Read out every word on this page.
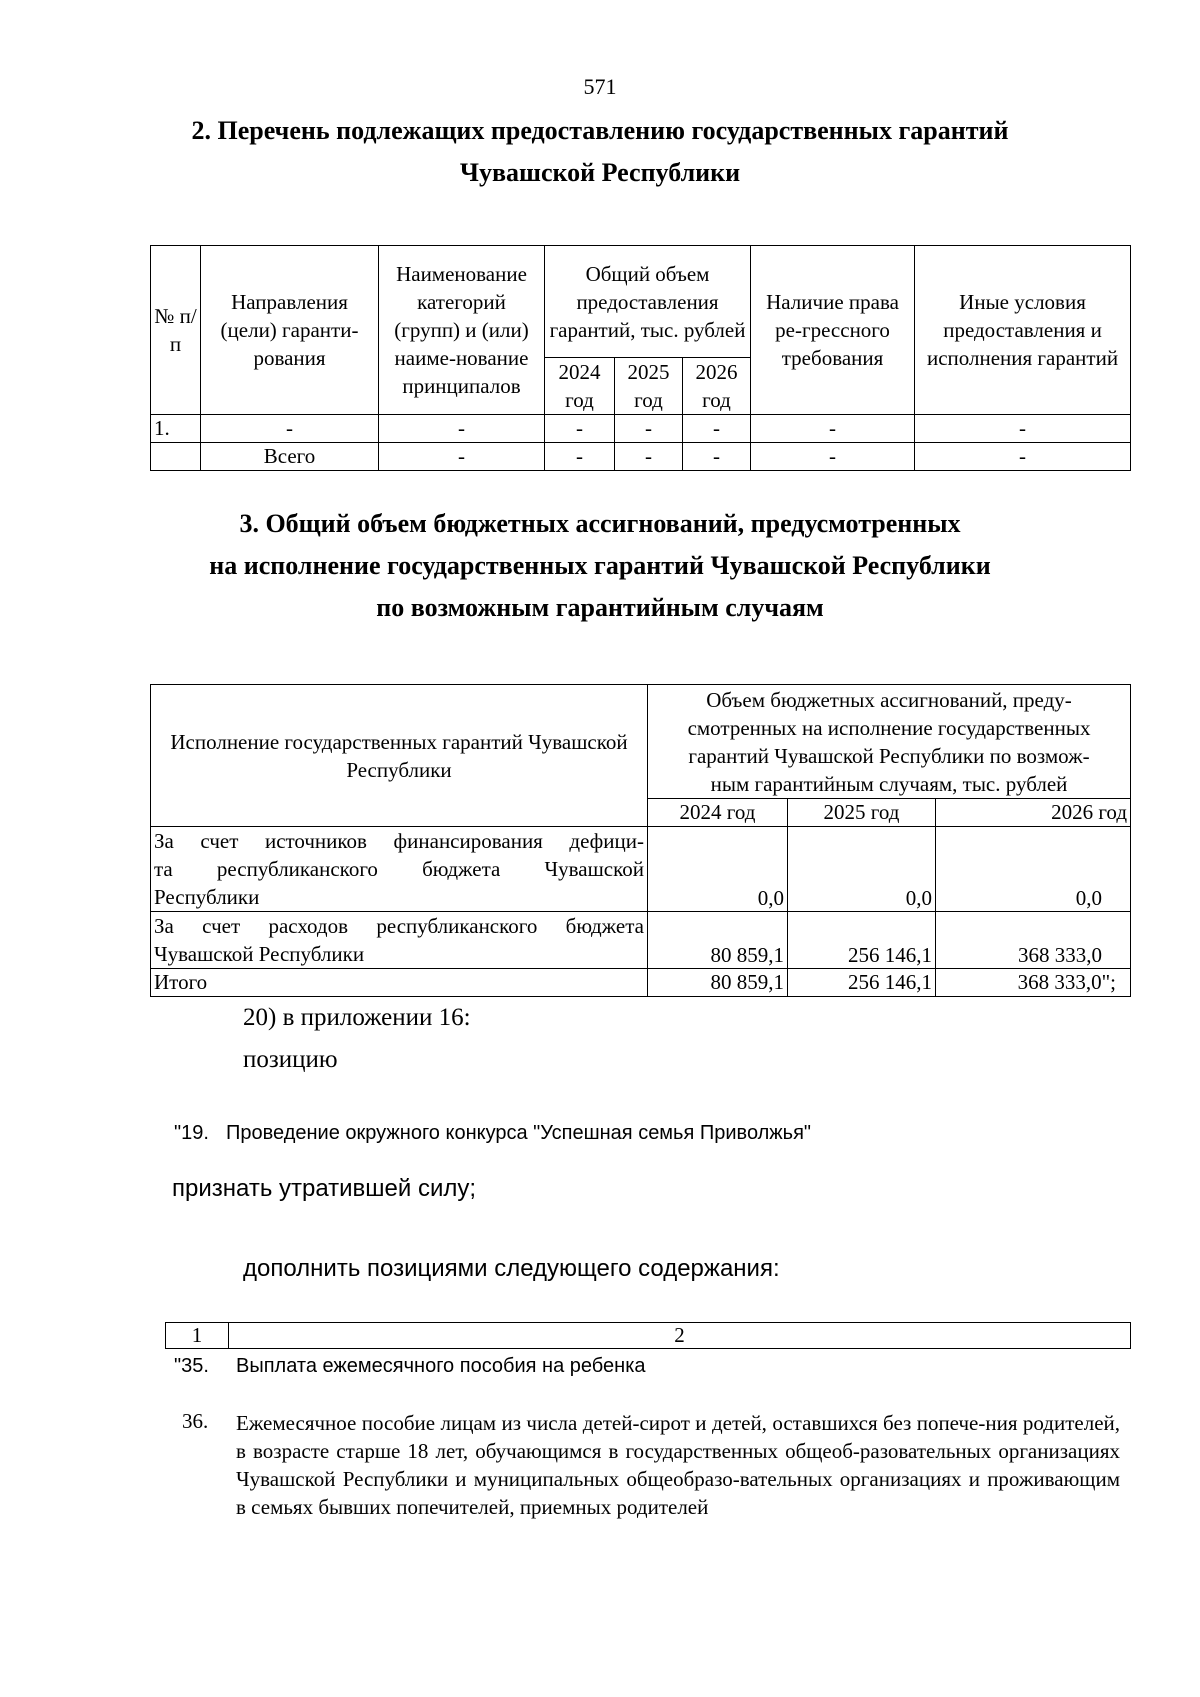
571
2. Перечень подлежащих предоставлению государственных гарантий
Чувашской Республики
№ п/п	Направления (цели) гаранти-рования	Наименование категорий (групп) и (или) наиме-нование принципалов	Общий объем предоставления гарантий, тыс. рублей			Наличие права ре-грессного требования	Иные условия предоставления и исполнения гарантий
			2024 год	2025 год	2026 год		
1.	-	-	-	-	-	-	-
	Всего	-	-	-	-	-	-
3. Общий объем бюджетных ассигнований, предусмотренных
на исполнение государственных гарантий Чувашской Республики
по возможным гарантийным случаям
Исполнение государственных гарантий Чувашской Республики	Объем бюджетных ассигнований, преду-
смотренных на исполнение государственных
гарантий Чувашской Республики по возмож-
ным гарантийным случаям, тыс. рублей		

	2024 год	2025 год	2026 год

За счет источников финансирования дефици-
та республиканского бюджета Чувашской
Республики	0,0	0,0	0,0

За счет расходов республиканского бюджета
Чувашской Республики	80 859,1	256 146,1	368 333,0
Итого	80 859,1	256 146,1	368 333,0";
20) в приложении 16:
позицию
"19. Проведение окружного конкурса "Успешная семья Приволжья"
признать утратившей силу;
дополнить позициями следующего содержания:
1	2
"35. Выплата ежемесячного пособия на ребенка
36. Ежемесячное пособие лицам из числа детей-сирот и детей, оставшихся без попече-ния родителей, в возрасте старше 18 лет, обучающимся в государственных общеоб-разовательных организациях Чувашской Республики и муниципальных общеобразо-вательных организациях и проживающим в семьях бывших попечителей, приемных родителей
